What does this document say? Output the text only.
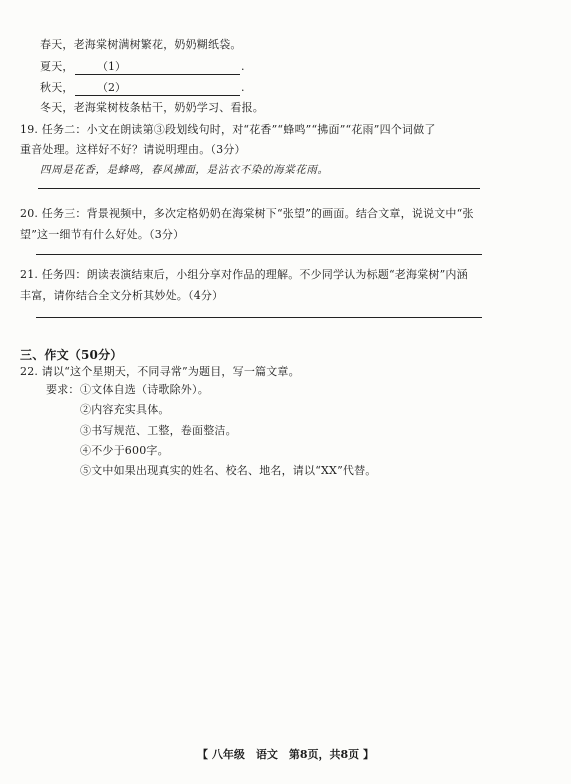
春天，老海棠树满树繁花，奶奶糊纸袋。
夏天， （1）	.
秋天， （2）	.
冬天，老海棠树枝条枯干，奶奶学习、看报。
19. 任务二：小文在朗读第③段划线句时，对“花香”“蜂鸣”“拂面”“花雨”四个词做了
重音处理。这样好不好？请说明理由。（3分）
四周是花香，是蜂鸣，春风拂面，是沾衣不染的海棠花雨。
20. 任务三：背景视频中，多次定格奶奶在海棠树下“张望”的画面。结合文章，说说文中“张
望”这一细节有什么好处。（3分）
21. 任务四：朗读表演结束后，小组分享对作品的理解。不少同学认为标题“老海棠树”内涵
丰富，请你结合全文分析其妙处。（4分）
三、作文（50分）
22. 请以“这个星期天，不同寻常”为题目，写一篇文章。
要求： ①文体自选（诗歌除外）。
②内容充实具体。
③书写规范、工整，卷面整洁。
④不少于600字。
⑤文中如果出现真实的姓名、校名、地名，请以“XX”代替。
【 八年级　语文　第8页，共8页 】
